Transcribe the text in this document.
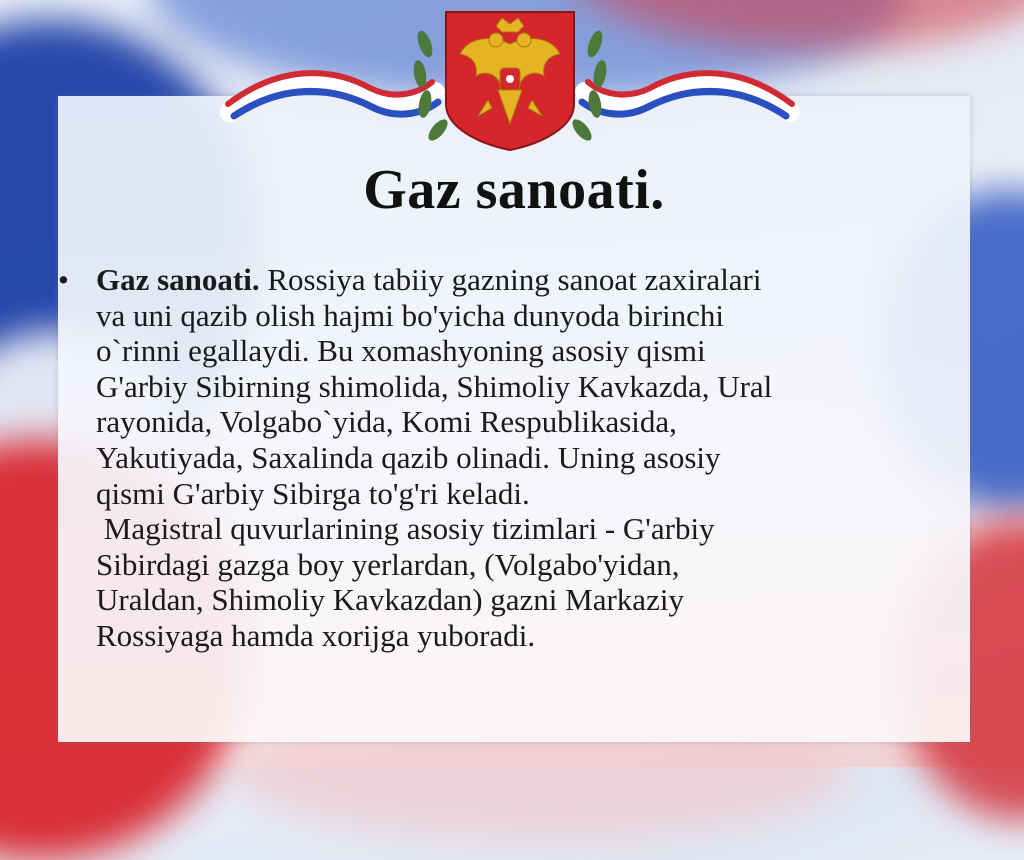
Gaz sanoati.
• Gaz sanoati. Rossiya tabiiy gazning sanoat zaxiralari
va uni qazib olish hajmi bo'yicha dunyoda birinchi
o`rinni egallaydi. Bu xomashyoning asosiy qismi
G'arbiy Sibirning shimolida, Shimoliy Kavkazda, Ural
rayonida, Volgabo`yida, Komi Respublikasida,
Yakutiyada, Saxalinda qazib olinadi. Uning asosiy
qismi G'arbiy Sibirga to'g'ri keladi.
Magistral quvurlarining asosiy tizimlari - G'arbiy
Sibirdagi gazga boy yerlardan, (Volgabo'yidan,
Uraldan, Shimoliy Kavkazdan) gazni Markaziy
Rossiyaga hamda xorijga yuboradi.
